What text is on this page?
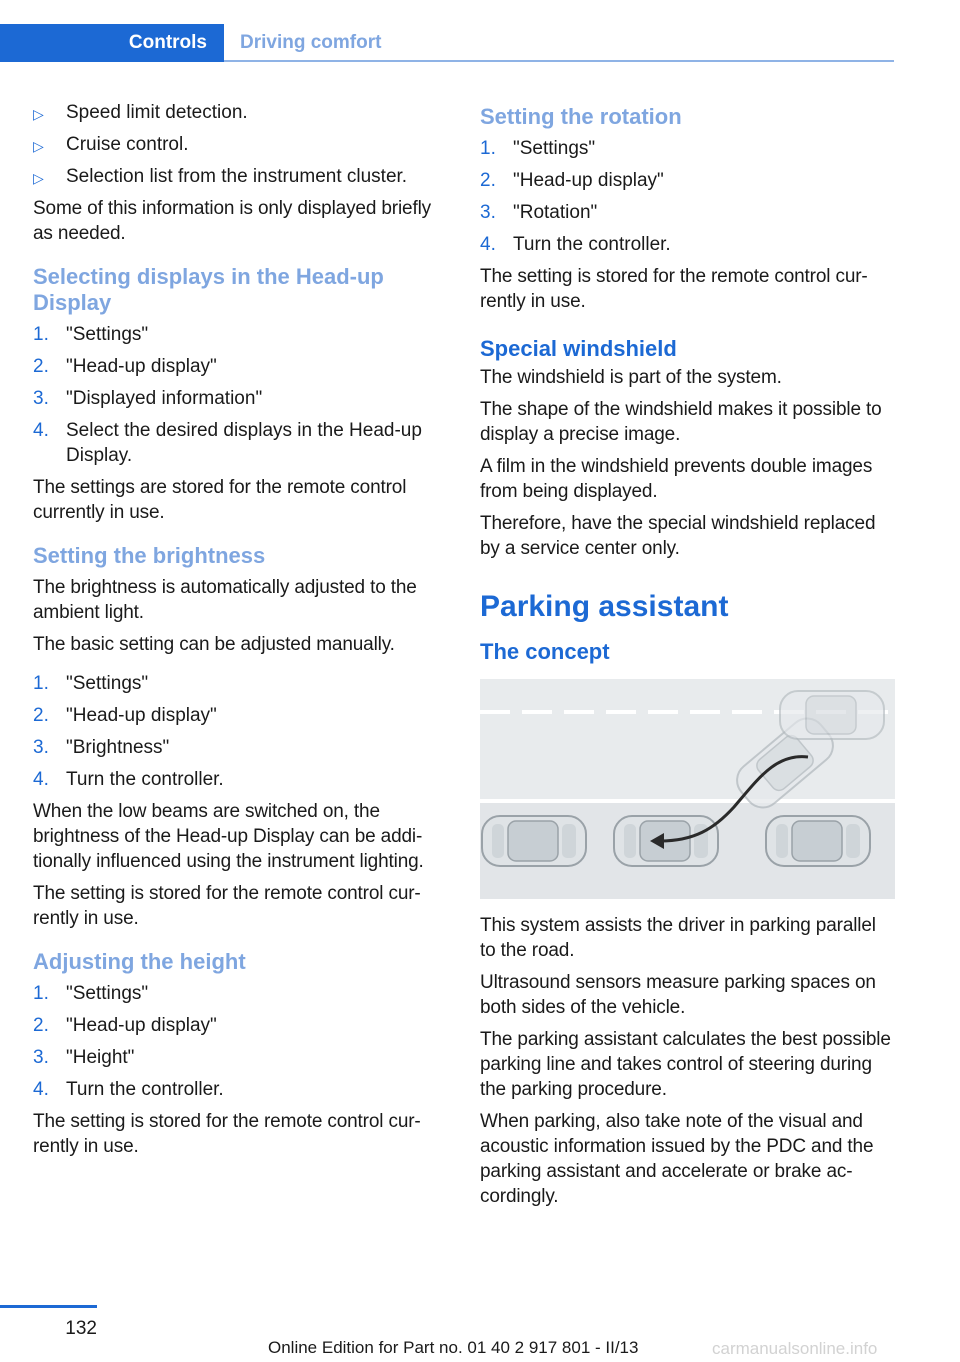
Controls	Driving comfort
▷ Speed limit detection.
▷ Cruise control.
▷ Selection list from the instrument cluster.

Some of this information is only displayed briefly as needed.

Selecting displays in the Head-up Display
1. "Settings"
2. "Head-up display"
3. "Displayed information"
4. Select the desired displays in the Head-up Display.

The settings are stored for the remote control currently in use.

Setting the brightness

The brightness is automatically adjusted to the ambient light.

The basic setting can be adjusted manually.

1. "Settings"
2. "Head-up display"
3. "Brightness"
4. Turn the controller.

When the low beams are switched on, the brightness of the Head-up Display can be additionally influenced using the instrument lighting.

The setting is stored for the remote control currently in use.

Adjusting the height
1. "Settings"
2. "Head-up display"
3. "Height"
4. Turn the controller.

The setting is stored for the remote control currently in use.

Setting the rotation
1. "Settings"
2. "Head-up display"
3. "Rotation"
4. Turn the controller.

The setting is stored for the remote control currently in use.

Special windshield

The windshield is part of the system.

The shape of the windshield makes it possible to display a precise image.

A film in the windshield prevents double images from being displayed.

Therefore, have the special windshield replaced by a service center only.

Parking assistant
The concept

This system assists the driver in parking parallel to the road.

Ultrasound sensors measure parking spaces on both sides of the vehicle.

The parking assistant calculates the best possible parking line and takes control of steering during the parking procedure.

When parking, also take note of the visual and acoustic information issued by the PDC and the parking assistant and accelerate or brake accordingly.

132
Online Edition for Part no. 01 40 2 917 801 - II/13	carmanualsonline.info
